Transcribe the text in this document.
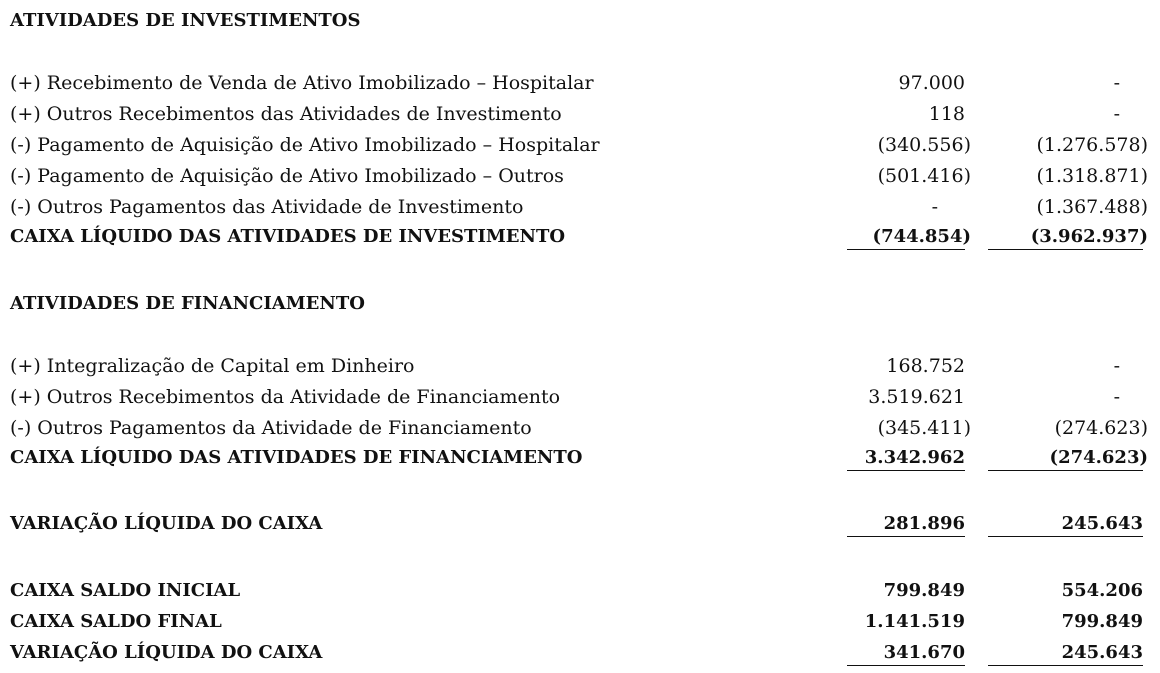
ATIVIDADES DE INVESTIMENTOS
(+) Recebimento de Venda de Ativo Imobilizado – Hospitalar	97.000	-
(+) Outros Recebimentos das Atividades de Investimento	118	-
(-) Pagamento de Aquisição de Ativo Imobilizado – Hospitalar	(340.556)	(1.276.578)
(-) Pagamento de Aquisição de Ativo Imobilizado – Outros	(501.416)	(1.318.871)
(-) Outros Pagamentos das Atividade de Investimento	-	(1.367.488)
CAIXA LÍQUIDO DAS ATIVIDADES DE INVESTIMENTO	(744.854)	(3.962.937)
ATIVIDADES DE FINANCIAMENTO
(+) Integralização de Capital em Dinheiro	168.752	-
(+) Outros Recebimentos da Atividade de Financiamento	3.519.621	-
(-) Outros Pagamentos da Atividade de Financiamento	(345.411)	(274.623)
CAIXA LÍQUIDO DAS ATIVIDADES DE FINANCIAMENTO	3.342.962	(274.623)
VARIAÇÃO LÍQUIDA DO CAIXA	281.896	245.643
CAIXA SALDO INICIAL	799.849	554.206
CAIXA SALDO FINAL	1.141.519	799.849
VARIAÇÃO LÍQUIDA DO CAIXA	341.670	245.643
